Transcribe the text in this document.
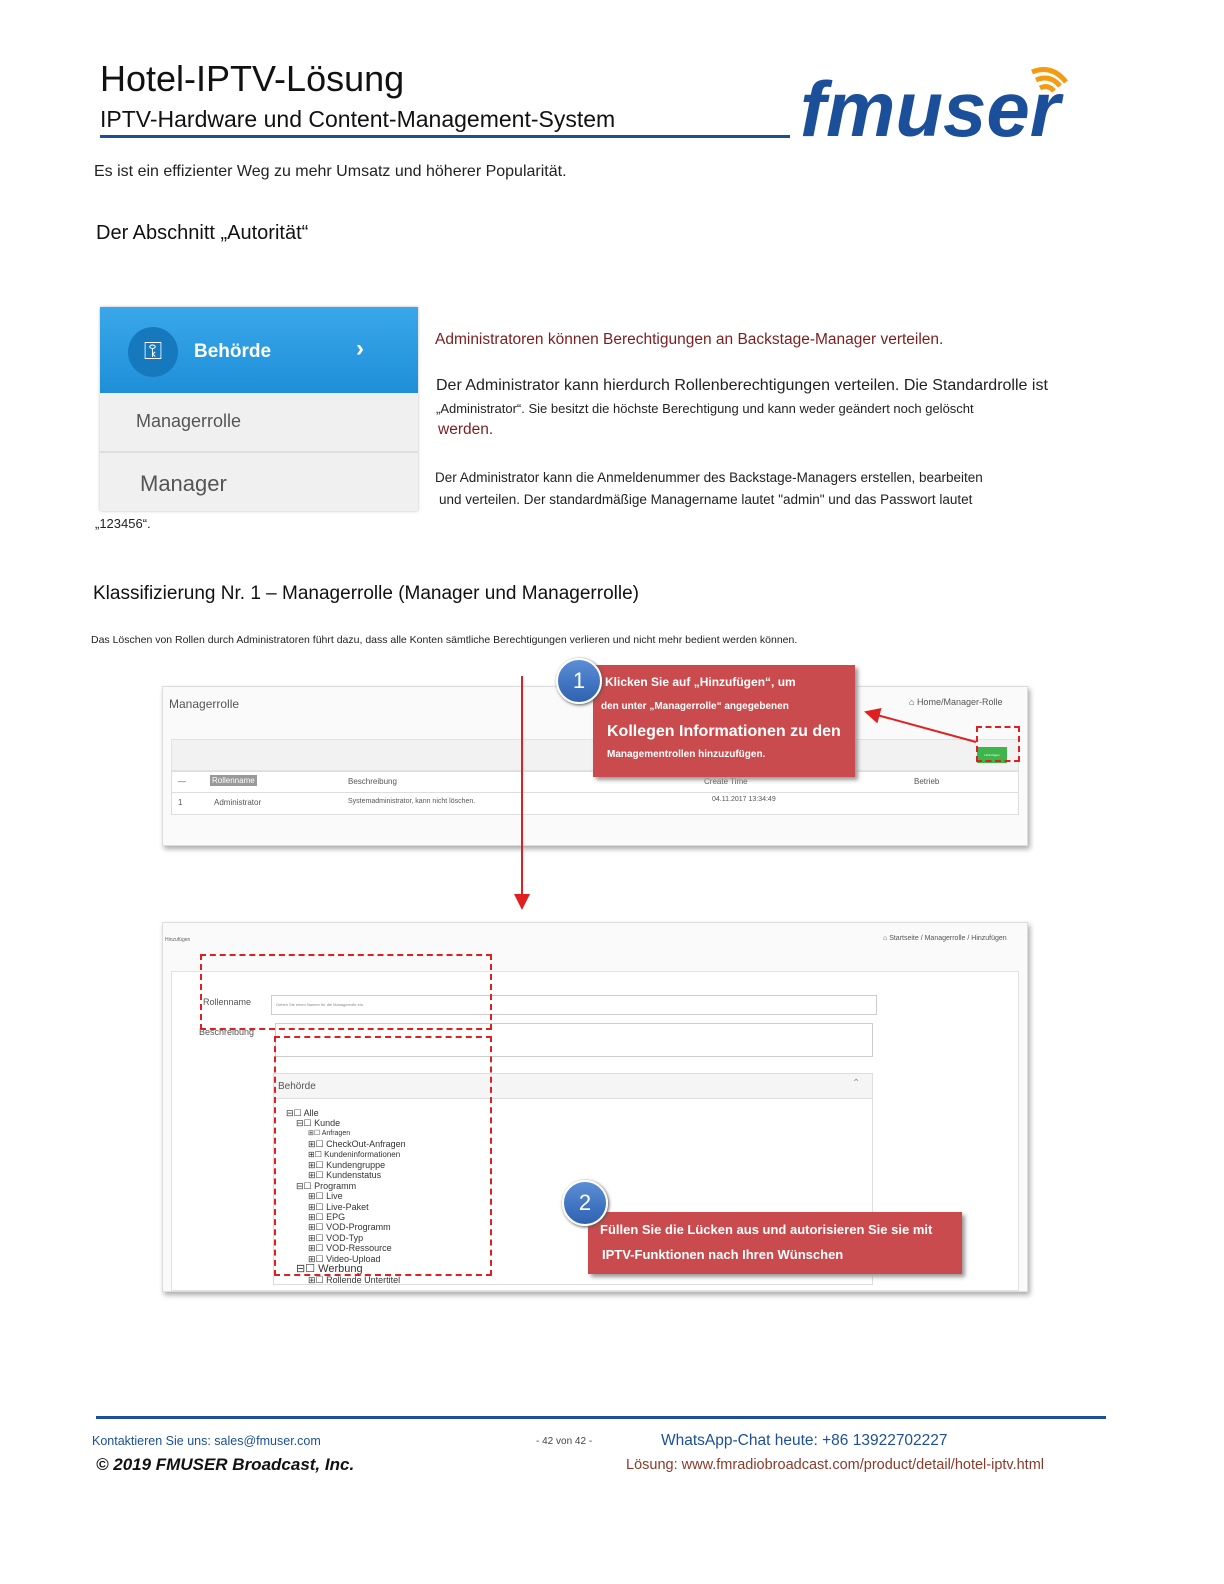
Hotel-IPTV-Lösung
IPTV-Hardware und Content-Management-System fmuser
Es ist ein effizienter Weg zu mehr Umsatz und höherer Popularität.
Der Abschnitt „Autorität“
⚿	Behörde	›
Managerrolle
Manager
Administratoren können Berechtigungen an Backstage-Manager verteilen.
Der Administrator kann hierdurch Rollenberechtigungen verteilen. Die Standardrolle ist
„Administrator“. Sie besitzt die höchste Berechtigung und kann weder geändert noch gelöscht
werden.
Der Administrator kann die Anmeldenummer des Backstage-Managers erstellen, bearbeiten
und verteilen. Der standardmäßige Managername lautet "admin" und das Passwort lautet
„123456“.
Klassifizierung Nr. 1 – Managerrolle (Manager und Managerrolle)
Das Löschen von Rollen durch Administratoren führt dazu, dass alle Konten sämtliche Berechtigungen verlieren und nicht mehr bedient werden können.
Managerrolle	⌂ Home/Manager-Rolle
Hinzufügen
—	Rollenname	Beschreibung	Create Time	Betrieb
1	Administrator	Systemadministrator, kann nicht löschen.	04.11.2017 13:34:49
Klicken Sie auf „Hinzufügen“, um
den unter „Managerrolle“ angegebenen
Kollegen Informationen zu den
Managementrollen hinzuzufügen.
1
Hinzufügen	⌂ Startseite / Managerrolle / Hinzufügen
Rollenname	Geben Sie einen Namen für die Managerrolle ein.
Beschreibung
Behörde	⌃
⊟☐ Alle
⊟☐ Kunde
⊞☐ Anfragen
⊞☐ CheckOut-Anfragen
⊞☐ Kundeninformationen
⊞☐ Kundengruppe
⊞☐ Kundenstatus
⊟☐ Programm
⊞☐ Live
⊞☐ Live-Paket
⊞☐ EPG
⊞☐ VOD-Programm
⊞☐ VOD-Typ
⊞☐ VOD-Ressource
⊞☐ Video-Upload
⊟☐ Werbung
⊞☐ Rollende Untertitel
Füllen Sie die Lücken aus und autorisieren Sie sie mit
IPTV-Funktionen nach Ihren Wünschen
2
Kontaktieren Sie uns: sales@fmuser.com	- 42 von 42 -	WhatsApp-Chat heute: +86 13922702227
© 2019 FMUSER Broadcast, Inc.	Lösung: www.fmradiobroadcast.com/product/detail/hotel-iptv.html
